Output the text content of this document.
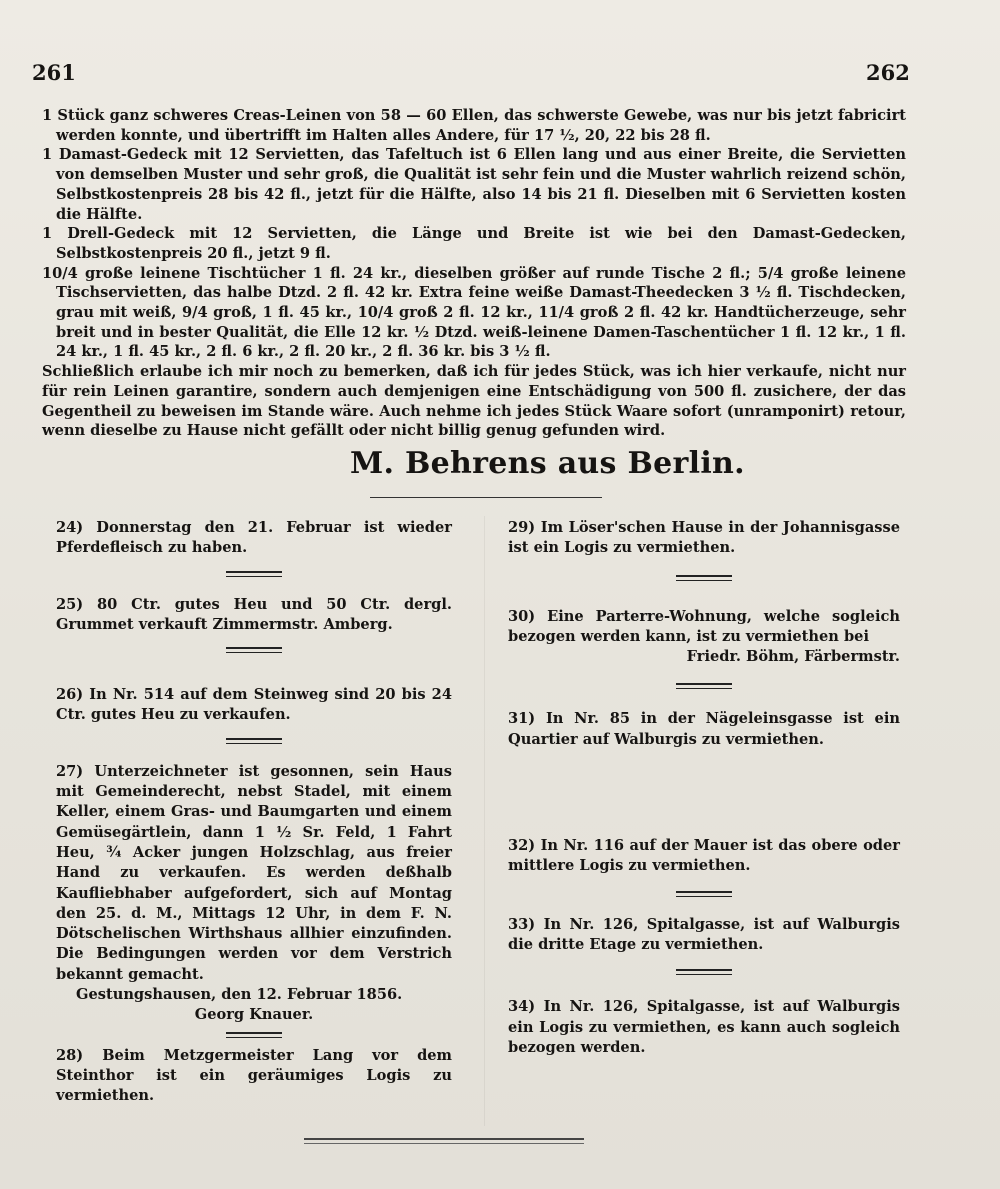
261	262

1 Stück ganz schweres Creas-Leinen von 58 — 60 Ellen, das schwerste Gewebe, was nur bis jetzt fabricirt werden konnte, und übertrifft im Halten alles Andere, für 17 ½, 20, 22 bis 28 fl.

1 Damast-Gedeck mit 12 Servietten, das Tafeltuch ist 6 Ellen lang und aus einer Breite, die Servietten von demselben Muster und sehr groß, die Qualität ist sehr fein und die Muster wahrlich reizend schön, Selbstkostenpreis 28 bis 42 fl., jetzt für die Hälfte, also 14 bis 21 fl. Dieselben mit 6 Servietten kosten die Hälfte.

1 Drell-Gedeck mit 12 Servietten, die Länge und Breite ist wie bei den Damast-Gedecken, Selbstkostenpreis 20 fl., jetzt 9 fl.

10/4 große leinene Tischtücher 1 fl. 24 kr., dieselben größer auf runde Tische 2 fl.; 5/4 große leinene Tischservietten, das halbe Dtzd. 2 fl. 42 kr. Extra feine weiße Damast-Theedecken 3 ½ fl. Tischdecken, grau mit weiß, 9/4 groß, 1 fl. 45 kr., 10/4 groß 2 fl. 12 kr., 11/4 groß 2 fl. 42 kr. Handtücherzeuge, sehr breit und in bester Qualität, die Elle 12 kr. ½ Dtzd. weiß-leinene Damen-Taschentücher 1 fl. 12 kr., 1 fl. 24 kr., 1 fl. 45 kr., 2 fl. 6 kr., 2 fl. 20 kr., 2 fl. 36 kr. bis 3 ½ fl.

Schließlich erlaube ich mir noch zu bemerken, daß ich für jedes Stück, was ich hier verkaufe, nicht nur für rein Leinen garantire, sondern auch demjenigen eine Entschädigung von 500 fl. zusichere, der das Gegentheil zu beweisen im Stande wäre. Auch nehme ich jedes Stück Waare sofort (unramponirt) retour, wenn dieselbe zu Hause nicht gefällt oder nicht billig genug gefunden wird.

M. Behrens aus Berlin.

24) Donnerstag den 21. Februar ist wieder Pferdefleisch zu haben.

25) 80 Ctr. gutes Heu und 50 Ctr. dergl. Grummet verkauft Zimmermstr. Amberg.

26) In Nr. 514 auf dem Steinweg sind 20 bis 24 Ctr. gutes Heu zu verkaufen.

27) Unterzeichneter ist gesonnen, sein Haus mit Gemeinderecht, nebst Stadel, mit einem Keller, einem Gras- und Baumgarten und einem Gemüsegärtlein, dann 1 ½ Sr. Feld, 1 Fahrt Heu, ¾ Acker jungen Holzschlag, aus freier Hand zu verkaufen. Es werden deßhalb Kaufliebhaber aufgefordert, sich auf Montag den 25. d. M., Mittags 12 Uhr, in dem F. N. Dötschelischen Wirthshaus allhier einzufinden. Die Bedingungen werden vor dem Verstrich bekannt gemacht.

Gestungshausen, den 12. Februar 1856.

Georg Knauer.

28) Beim Metzgermeister Lang vor dem Steinthor ist ein geräumiges Logis zu vermiethen.

29) Im Löser'schen Hause in der Johannisgasse ist ein Logis zu vermiethen.

30) Eine Parterre-Wohnung, welche sogleich bezogen werden kann, ist zu vermiethen bei

Friedr. Böhm, Färbermstr.

31) In Nr. 85 in der Nägeleinsgasse ist ein Quartier auf Walburgis zu vermiethen.

32) In Nr. 116 auf der Mauer ist das obere oder mittlere Logis zu vermiethen.

33) In Nr. 126, Spitalgasse, ist auf Walburgis die dritte Etage zu vermiethen.

34) In Nr. 126, Spitalgasse, ist auf Walburgis ein Logis zu vermiethen, es kann auch sogleich bezogen werden.
